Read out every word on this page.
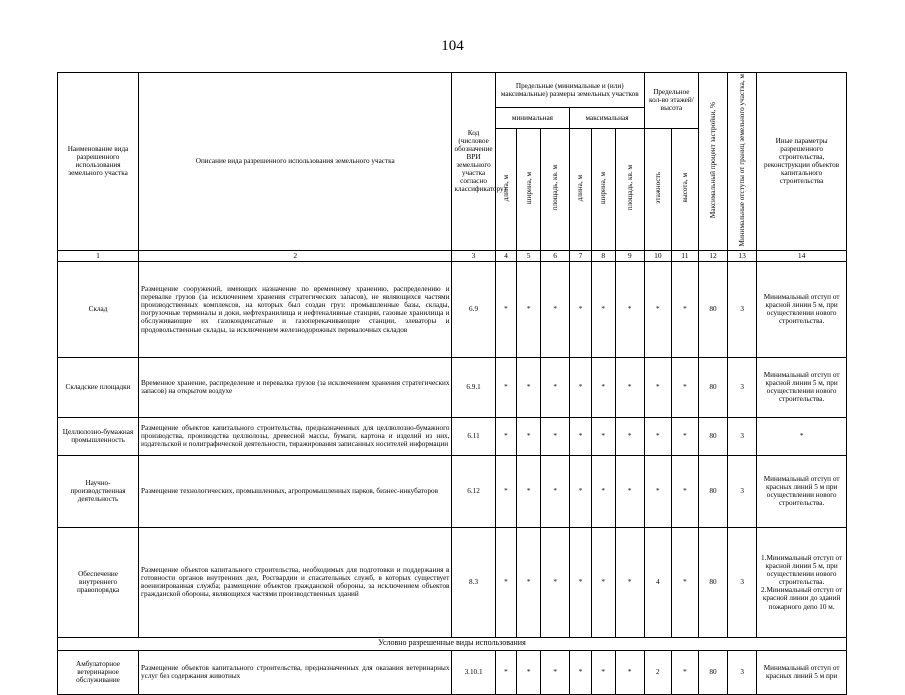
104
Наименование вида разрешенного использования земельного участка	Описание вида разрешенного использования земельного участка	Код (числовое обозначение ВРИ земельного участка согласно классификатору)	Предельные (минимальные и (или) максимальные) размеры земельных участков						Предельное кол-во этажей/ высота		Максимальный процент застройки, %	Минимальные отступы от границ земельного участка, м	Иные параметры разрешенного строительства, реконструкции объектов капитального строительства
			минимальная			максимальная							
			длина, м	ширина, м	площадь, кв. м	длина, м	ширина, м	площадь, кв. м	этажность	высота, м			
1	2	3	4	5	6	7	8	9	10	11	12	13	14
Склад	Размещение сооружений, имеющих назначение по временному хранению, распределению и перевалке грузов (за исключением хранения стратегических запасов), не являющихся частями производственных комплексов, на которых был создан груз: промышленные базы, склады, погрузочные терминалы и доки, нефтехранилища и нефтеналивные станции, газовые хранилища и обслуживающие их газоконденсатные и газоперекачивающие станции, элеваторы и продовольственные склады, за исключением железнодорожных перевалочных складов	6.9	*	*	*	*	*	*	*	*	80	3	Минимальный отступ от красной линии 5 м, при осуществлении нового строительства.
Складские площадки	Временное хранение, распределение и перевалка грузов (за исключением хранения стратегических запасов) на открытом воздухе	6.9.1	*	*	*	*	*	*	*	*	80	3	Минимальный отступ от красной линии 5 м, при осуществлении нового строительства.
Целлюлозно-бумажная промышленность	Размещение объектов капитального строительства, предназначенных для целлюлозно-бумажного производства, производства целлюлозы, древесной массы, бумаги, картона и изделий из них, издательской и полиграфической деятельности, тиражирования записанных носителей информации	6.11	*	*	*	*	*	*	*	*	80	3	*
Научно-производственная деятельность	Размещение технологических, промышленных, агропромышленных парков, бизнес-инкубаторов	6.12	*	*	*	*	*	*	*	*	80	3	Минимальный отступ от красных линий 5 м при осуществлении нового строительства.
Обеспечение внутреннего правопорядка	Размещение объектов капитального строительства, необходимых для подготовки и поддержания в готовности органов внутренних дел, Росгвардии и спасательных служб, в которых существует военизированная служба; размещение объектов гражданской обороны, за исключением объектов гражданской обороны, являющихся частями производственных зданий	8.3	*	*	*	*	*	*	4	*	80	3	1.Минимальный отступ от красной линии 5 м, при осуществлении нового строительства. 2.Минимальный отступ от красной линии до зданий пожарного депо 10 м.
Условно разрешенные виды использования													
Амбулаторное ветеринарное обслуживание	Размещение объектов капитального строительства, предназначенных для оказания ветеринарных услуг без содержания животных	3.10.1	*	*	*	*	*	*	2	*	80	3	Минимальный отступ от красных линий 5 м при
